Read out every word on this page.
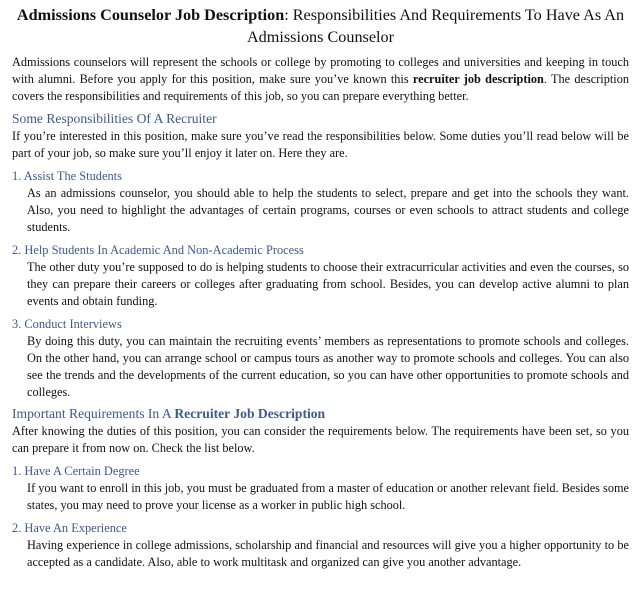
Admissions Counselor Job Description: Responsibilities And Requirements To Have As An Admissions Counselor

Admissions counselors will represent the schools or college by promoting to colleges and universities and keeping in touch with alumni. Before you apply for this position, make sure you’ve known this recruiter job description. The description covers the responsibilities and requirements of this job, so you can prepare everything better.

Some Responsibilities Of A Recruiter

If you’re interested in this position, make sure you’ve read the responsibilities below. Some duties you’ll read below will be part of your job, so make sure you’ll enjoy it later on. Here they are.

1. Assist The Students

As an admissions counselor, you should able to help the students to select, prepare and get into the schools they want. Also, you need to highlight the advantages of certain programs, courses or even schools to attract students and college students.

2. Help Students In Academic And Non-Academic Process

The other duty you’re supposed to do is helping students to choose their extracurricular activities and even the courses, so they can prepare their careers or colleges after graduating from school. Besides, you can develop active alumni to plan events and obtain funding.

3. Conduct Interviews

By doing this duty, you can maintain the recruiting events’ members as representations to promote schools and colleges. On the other hand, you can arrange school or campus tours as another way to promote schools and colleges. You can also see the trends and the developments of the current education, so you can have other opportunities to promote schools and colleges.

Important Requirements In A Recruiter Job Description

After knowing the duties of this position, you can consider the requirements below. The requirements have been set, so you can prepare it from now on. Check the list below.

1. Have A Certain Degree

If you want to enroll in this job, you must be graduated from a master of education or another relevant field. Besides some states, you may need to prove your license as a worker in public high school.

2. Have An Experience

Having experience in college admissions, scholarship and financial and resources will give you a higher opportunity to be accepted as a candidate. Also, able to work multitask and organized can give you another advantage.
